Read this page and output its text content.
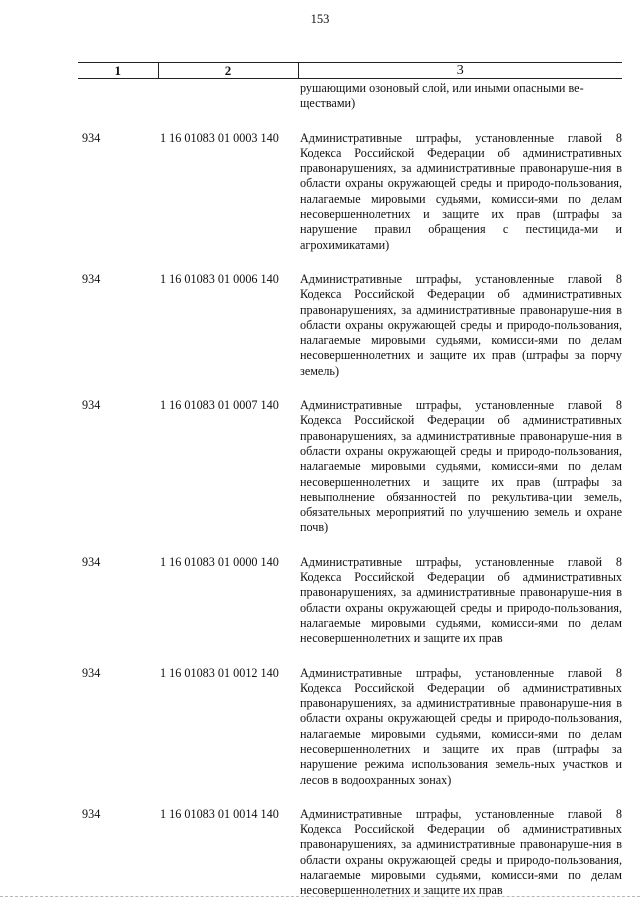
153
1	2	3
		рушающими озоновый слой, или иными опасными ве-
ществами)

934	1 16 01083 01 0003 140	Административные штрафы, установленные главой 8 Кодекса Российской Федерации об административных правонарушениях, за административные правонаруше-ния в области охраны окружающей среды и природо-пользования, налагаемые мировыми судьями, комисси-ями по делам несовершеннолетних и защите их прав (штрафы за нарушение правил обращения с пестицида-ми и агрохимикатами)

934	1 16 01083 01 0006 140	Административные штрафы, установленные главой 8 Кодекса Российской Федерации об административных правонарушениях, за административные правонаруше-ния в области охраны окружающей среды и природо-пользования, налагаемые мировыми судьями, комисси-ями по делам несовершеннолетних и защите их прав (штрафы за порчу земель)

934	1 16 01083 01 0007 140	Административные штрафы, установленные главой 8 Кодекса Российской Федерации об административных правонарушениях, за административные правонаруше-ния в области охраны окружающей среды и природо-пользования, налагаемые мировыми судьями, комисси-ями по делам несовершеннолетних и защите их прав (штрафы за невыполнение обязанностей по рекультива-ции земель, обязательных мероприятий по улучшению земель и охране почв)

934	1 16 01083 01 0000 140	Административные штрафы, установленные главой 8 Кодекса Российской Федерации об административных правонарушениях, за административные правонаруше-ния в области охраны окружающей среды и природо-пользования, налагаемые мировыми судьями, комисси-ями по делам несовершеннолетних и защите их прав

934	1 16 01083 01 0012 140	Административные штрафы, установленные главой 8 Кодекса Российской Федерации об административных правонарушениях, за административные правонаруше-ния в области охраны окружающей среды и природо-пользования, налагаемые мировыми судьями, комисси-ями по делам несовершеннолетних и защите их прав (штрафы за нарушение режима использования земель-ных участков и лесов в водоохранных зонах)

934	1 16 01083 01 0014 140	Административные штрафы, установленные главой 8 Кодекса Российской Федерации об административных правонарушениях, за административные правонаруше-ния в области охраны окружающей среды и природо-пользования, налагаемые мировыми судьями, комисси-ями по делам несовершеннолетних и защите их прав
